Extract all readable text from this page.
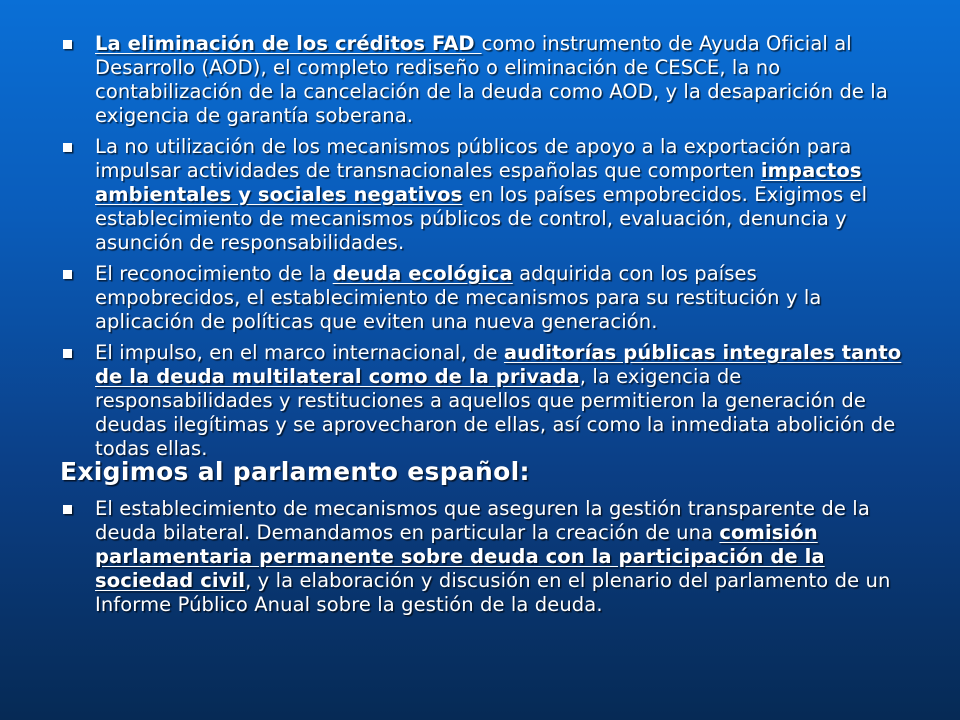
La eliminación de los créditos FAD como instrumento de Ayuda Oficial al Desarrollo (AOD), el completo rediseño o eliminación de CESCE, la no contabilización de la cancelación de la deuda como AOD, y la desaparición de la exigencia de garantía soberana.
La no utilización de los mecanismos públicos de apoyo a la exportación para impulsar actividades de transnacionales españolas que comporten impactos ambientales y sociales negativos en los países empobrecidos. Exigimos el establecimiento de mecanismos públicos de control, evaluación, denuncia y asunción de responsabilidades.
El reconocimiento de la deuda ecológica adquirida con los países empobrecidos, el establecimiento de mecanismos para su restitución y la aplicación de políticas que eviten una nueva generación.
El impulso, en el marco internacional, de auditorías públicas integrales tanto de la deuda multilateral como de la privada, la exigencia de responsabilidades y restituciones a aquellos que permitieron la generación de deudas ilegítimas y se aprovecharon de ellas, así como la inmediata abolición de todas ellas.
Exigimos al parlamento español:
El establecimiento de mecanismos que aseguren la gestión transparente de la deuda bilateral. Demandamos en particular la creación de una comisión parlamentaria permanente sobre deuda con la participación de la sociedad civil, y la elaboración y discusión en el plenario del parlamento de un Informe Público Anual sobre la gestión de la deuda.
